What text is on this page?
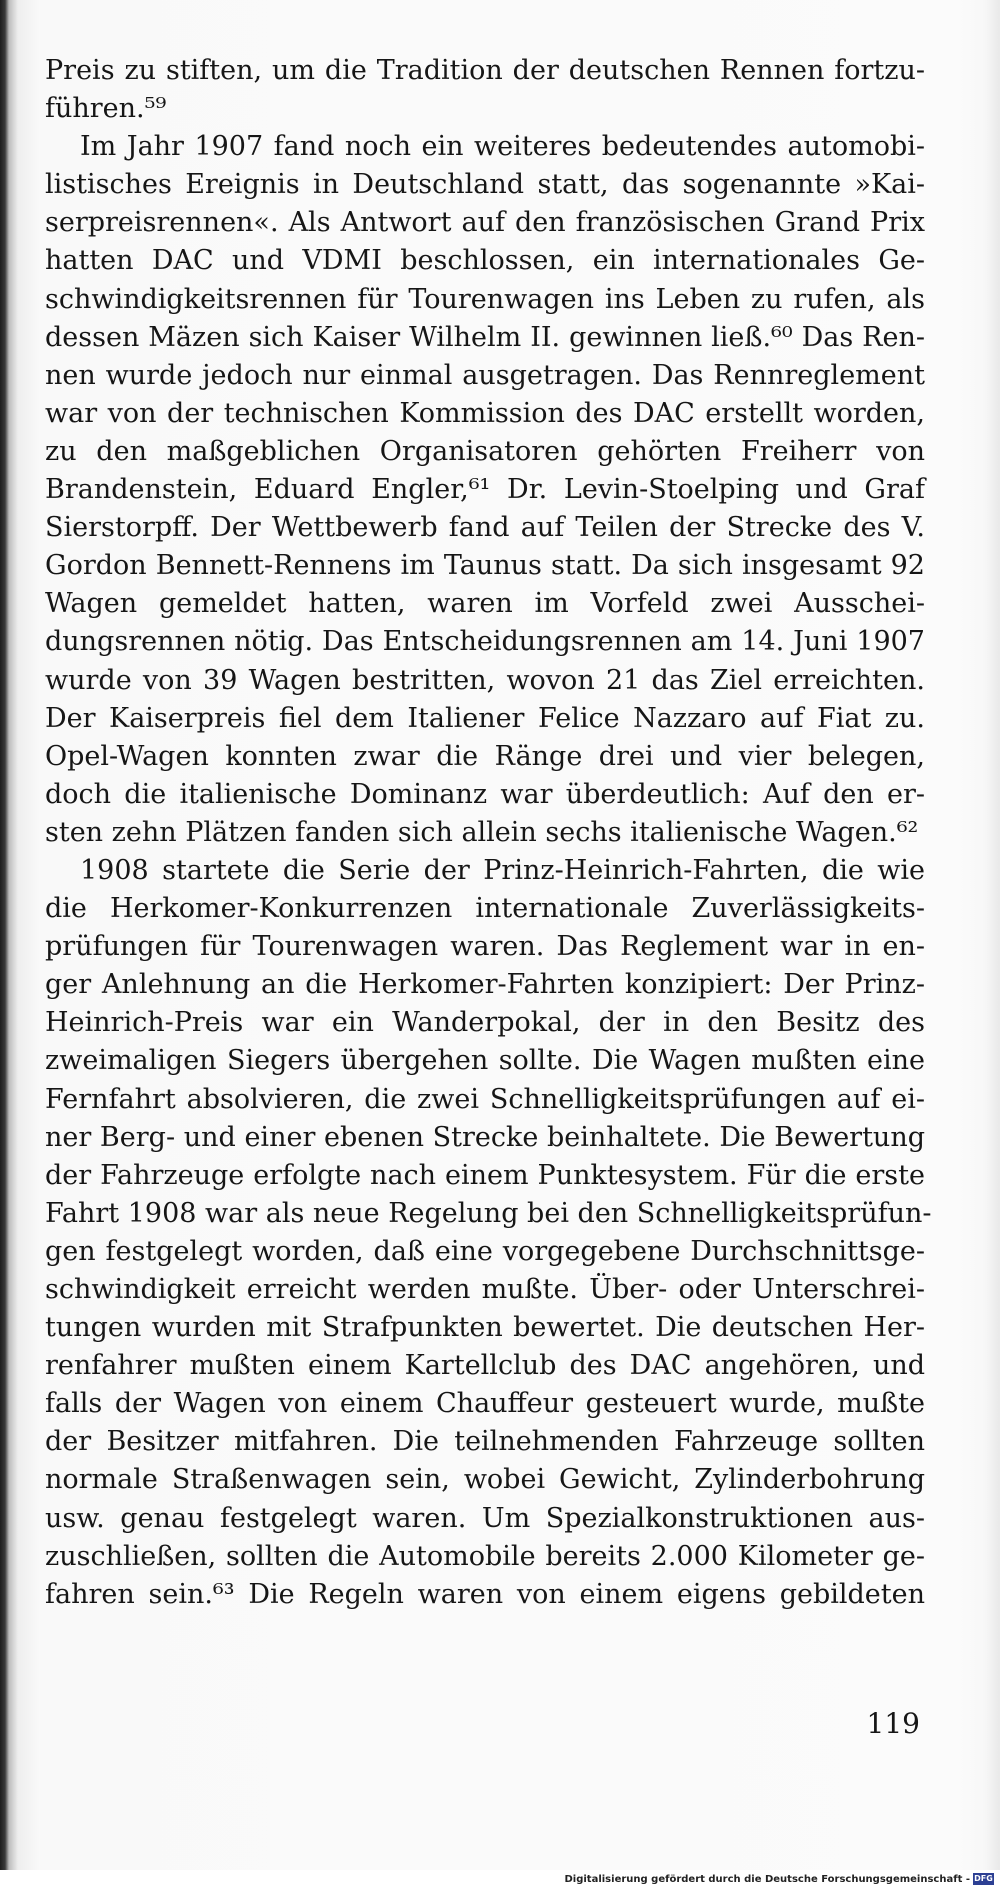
Preis zu stiften, um die Tradition der deutschen Rennen fortzu-
führen.⁵⁹
Im Jahr 1907 fand noch ein weiteres bedeutendes automobi-
listisches Ereignis in Deutschland statt, das sogenannte »Kai-
serpreisrennen«. Als Antwort auf den französischen Grand Prix
hatten DAC und VDMI beschlossen, ein internationales Ge-
schwindigkeitsrennen für Tourenwagen ins Leben zu rufen, als
dessen Mäzen sich Kaiser Wilhelm II. gewinnen ließ.⁶⁰ Das Ren-
nen wurde jedoch nur einmal ausgetragen. Das Rennreglement
war von der technischen Kommission des DAC erstellt worden,
zu den maßgeblichen Organisatoren gehörten Freiherr von
Brandenstein, Eduard Engler,⁶¹ Dr. Levin-Stoelping und Graf
Sierstorpff. Der Wettbewerb fand auf Teilen der Strecke des V.
Gordon Bennett-Rennens im Taunus statt. Da sich insgesamt 92
Wagen gemeldet hatten, waren im Vorfeld zwei Ausschei-
dungsrennen nötig. Das Entscheidungsrennen am 14. Juni 1907
wurde von 39 Wagen bestritten, wovon 21 das Ziel erreichten.
Der Kaiserpreis fiel dem Italiener Felice Nazzaro auf Fiat zu.
Opel-Wagen konnten zwar die Ränge drei und vier belegen,
doch die italienische Dominanz war überdeutlich: Auf den er-
sten zehn Plätzen fanden sich allein sechs italienische Wagen.⁶²
1908 startete die Serie der Prinz-Heinrich-Fahrten, die wie
die Herkomer-Konkurrenzen internationale Zuverlässigkeits-
prüfungen für Tourenwagen waren. Das Reglement war in en-
ger Anlehnung an die Herkomer-Fahrten konzipiert: Der Prinz-
Heinrich-Preis war ein Wanderpokal, der in den Besitz des
zweimaligen Siegers übergehen sollte. Die Wagen mußten eine
Fernfahrt absolvieren, die zwei Schnelligkeitsprüfungen auf ei-
ner Berg- und einer ebenen Strecke beinhaltete. Die Bewertung
der Fahrzeuge erfolgte nach einem Punktesystem. Für die erste
Fahrt 1908 war als neue Regelung bei den Schnelligkeitsprüfun-
gen festgelegt worden, daß eine vorgegebene Durchschnittsge-
schwindigkeit erreicht werden mußte. Über- oder Unterschrei-
tungen wurden mit Strafpunkten bewertet. Die deutschen Her-
renfahrer mußten einem Kartellclub des DAC angehören, und
falls der Wagen von einem Chauffeur gesteuert wurde, mußte
der Besitzer mitfahren. Die teilnehmenden Fahrzeuge sollten
normale Straßenwagen sein, wobei Gewicht, Zylinderbohrung
usw. genau festgelegt waren. Um Spezialkonstruktionen aus-
zuschließen, sollten die Automobile bereits 2.000 Kilometer ge-
fahren sein.⁶³ Die Regeln waren von einem eigens gebildeten
119
Digitalisierung gefördert durch die Deutsche Forschungsgemeinschaft - DFG
